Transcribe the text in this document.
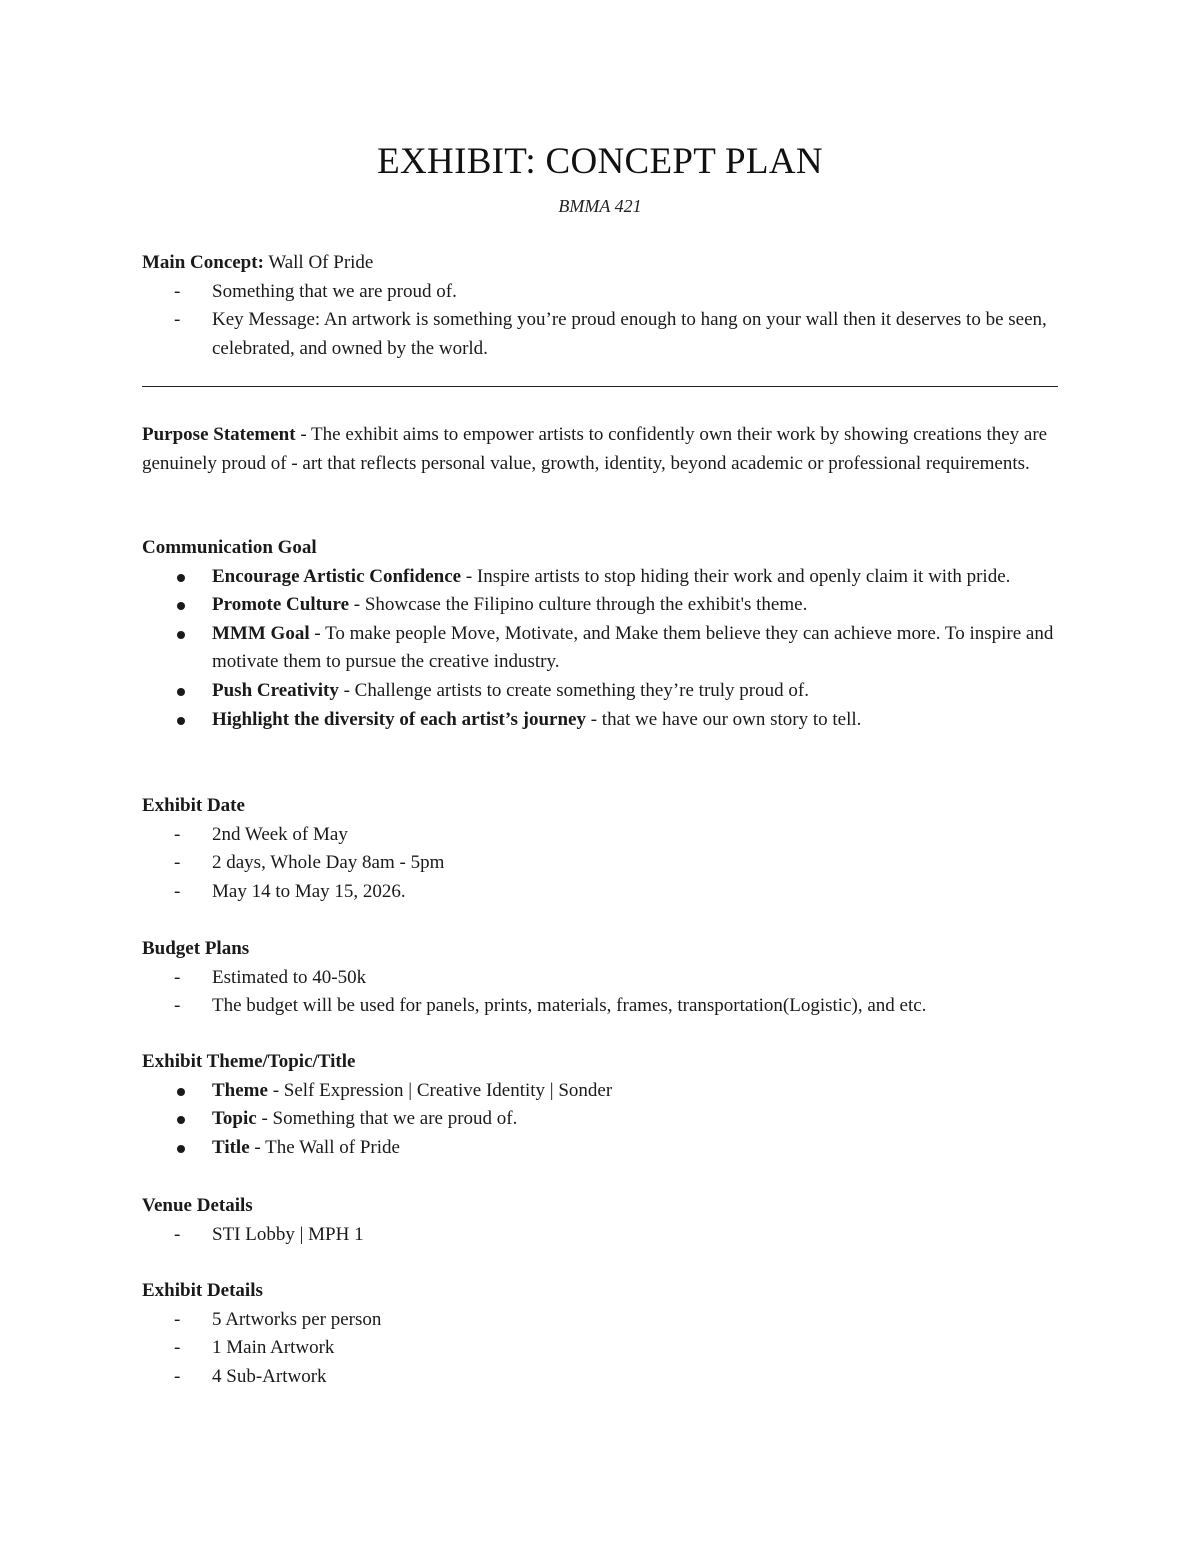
EXHIBIT: CONCEPT PLAN
BMMA 421
Main Concept: Wall Of Pride
- Something that we are proud of.
- Key Message: An artwork is something you’re proud enough to hang on your wall then it deserves to be seen, celebrated, and owned by the world.
Purpose Statement - The exhibit aims to empower artists to confidently own their work by showing creations they are genuinely proud of - art that reflects personal value, growth, identity, beyond academic or professional requirements.
Communication Goal
Encourage Artistic Confidence - Inspire artists to stop hiding their work and openly claim it with pride.
Promote Culture - Showcase the Filipino culture through the exhibit's theme.
MMM Goal - To make people Move, Motivate, and Make them believe they can achieve more. To inspire and motivate them to pursue the creative industry.
Push Creativity - Challenge artists to create something they’re truly proud of.
Highlight the diversity of each artist’s journey - that we have our own story to tell.
Exhibit Date
- 2nd Week of May
- 2 days, Whole Day 8am - 5pm
- May 14 to May 15, 2026.
Budget Plans
- Estimated to 40-50k
- The budget will be used for panels, prints, materials, frames, transportation(Logistic), and etc.
Exhibit Theme/Topic/Title
Theme - Self Expression | Creative Identity | Sonder
Topic - Something that we are proud of.
Title - The Wall of Pride
Venue Details
- STI Lobby | MPH 1
Exhibit Details
- 5 Artworks per person
- 1 Main Artwork
- 4 Sub-Artwork
